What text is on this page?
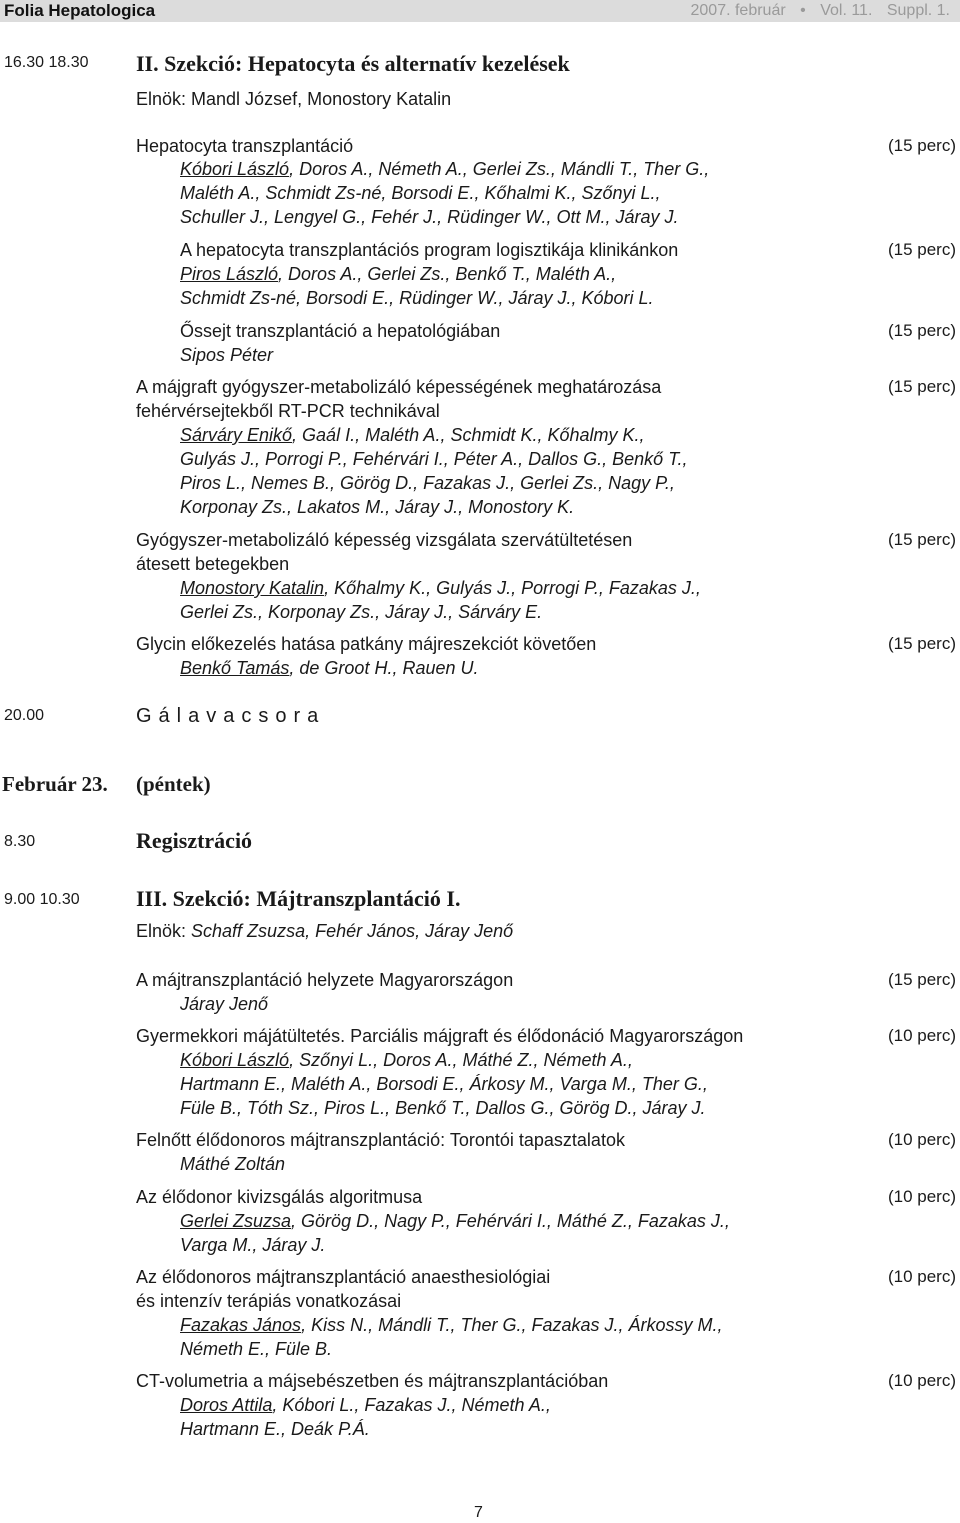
Folia Hepatologica	2007. február • Vol. 11. Suppl. 1.
16.30 18.30 II. Szekció: Hepatocyta és alternatív kezelések
Elnök: Mandl József, Monostory Katalin
Hepatocyta transzplantáció	(15 perc)
Kóbori László, Doros A., Németh A., Gerlei Zs., Mándli T., Ther G.,
Maléth A., Schmidt Zs-né, Borsodi E., Kőhalmi K., Szőnyi L.,
Schuller J., Lengyel G., Fehér J., Rüdinger W., Ott M., Járay J.
A hepatocyta transzplantációs program logisztikája klinikánkon	(15 perc)
Piros László, Doros A., Gerlei Zs., Benkő T., Maléth A.,
Schmidt Zs-né, Borsodi E., Rüdinger W., Járay J., Kóbori L.
Őssejt transzplantáció a hepatológiában	(15 perc)
Sipos Péter
A májgraft gyógyszer-metabolizáló képességének meghatározása	(15 perc)
fehérvérsejtekből RT-PCR technikával
Sárváry Enikő, Gaál I., Maléth A., Schmidt K., Kőhalmy K.,
Gulyás J., Porrogi P., Fehérvári I., Péter A., Dallos G., Benkő T.,
Piros L., Nemes B., Görög D., Fazakas J., Gerlei Zs., Nagy P.,
Korponay Zs., Lakatos M., Járay J., Monostory K.
Gyógyszer-metabolizáló képesség vizsgálata szervátültetésen	(15 perc)
átesett betegekben
Monostory Katalin, Kőhalmy K., Gulyás J., Porrogi P., Fazakas J.,
Gerlei Zs., Korponay Zs., Járay J., Sárváry E.
Glycin előkezelés hatása patkány májreszekciót követően	(15 perc)
Benkő Tamás, de Groot H., Rauen U.
20.00	Gálavacsora
Február 23. (péntek)
8.30	Regisztráció
9.00 10.30	III. Szekció: Májtranszplantáció I.
Elnök: Schaff Zsuzsa, Fehér János, Járay Jenő
A májtranszplantáció helyzete Magyarországon	(15 perc)
Járay Jenő
Gyermekkori májátültetés. Parciális májgraft és élődonáció Magyarországon	(10 perc)
Kóbori László, Szőnyi L., Doros A., Máthé Z., Németh A.,
Hartmann E., Maléth A., Borsodi E., Árkosy M., Varga M., Ther G.,
Füle B., Tóth Sz., Piros L., Benkő T., Dallos G., Görög D., Járay J.
Felnőtt élődonoros májtranszplantáció: Torontói tapasztalatok	(10 perc)
Máthé Zoltán
Az élődonor kivizsgálás algoritmusa	(10 perc)
Gerlei Zsuzsa, Görög D., Nagy P., Fehérvári I., Máthé Z., Fazakas J.,
Varga M., Járay J.
Az élődonoros májtranszplantáció anaesthesiológiai	(10 perc)
és intenzív terápiás vonatkozásai
Fazakas János, Kiss N., Mándli T., Ther G., Fazakas J., Árkossy M.,
Németh E., Füle B.
CT-volumetria a májsebészetben és májtranszplantációban	(10 perc)
Doros Attila, Kóbori L., Fazakas J., Németh A.,
Hartmann E., Deák P.Á.
7
